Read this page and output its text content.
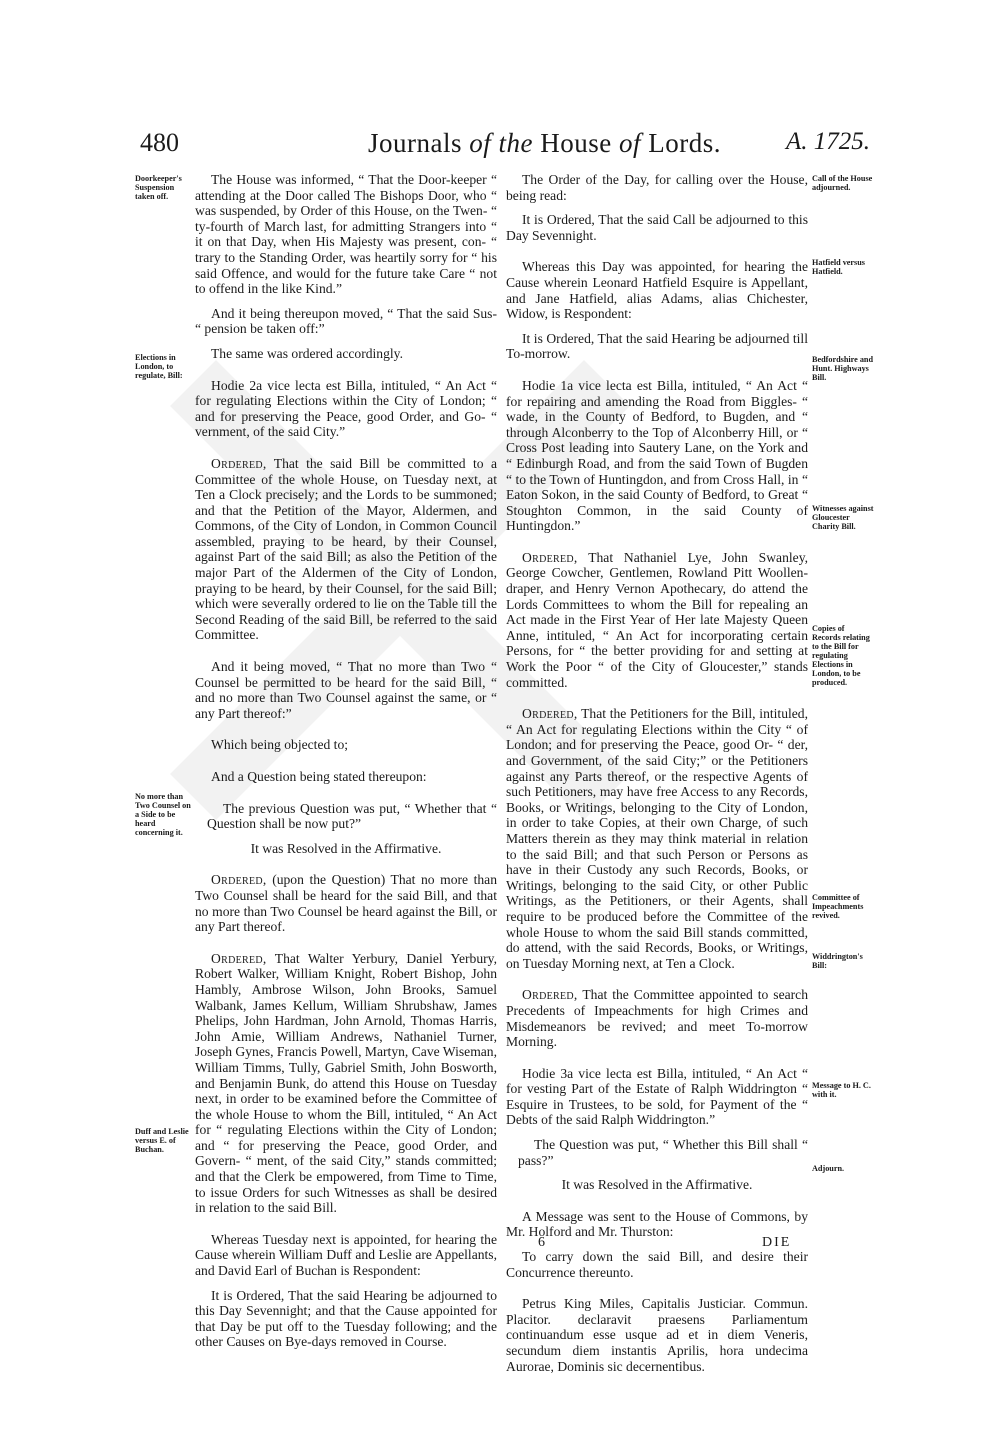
480	Journals of the House of Lords.	A. 1725.
Doorkeeper's Suspension taken off.
Elections in London, to regulate, Bill:
No more than Two Counsel on a Side to be heard concerning it.
Duff and Leslie versus E. of Buchan.
Call of the House adjourned.
Hatfield versus Hatfield.
Bedfordshire and Hunt. Highways Bill.
Witnesses against Gloucester Charity Bill.
Copies of Records relating to the Bill for regulating Elections in London, to be produced.
Committee of Impeachments revived.
Widdrington's Bill:
Message to H. C. with it.
Adjourn.

The House was informed, “ That the Door-keeper “ attending at the Door called The Bishops Door, who “ was suspended, by Order of this House, on the Twen- “ ty-fourth of March last, for admitting Strangers into “ it on that Day, when His Majesty was present, con- “ trary to the Standing Order, was heartily sorry for “ his said Offence, and would for the future take Care “ not to offend in the like Kind.”

And it being thereupon moved, “ That the said Sus- “ pension be taken off:”

The same was ordered accordingly.

Hodie 2a vice lecta est Billa, intituled, “ An Act “ for regulating Elections within the City of London; “ and for preserving the Peace, good Order, and Go- “ vernment, of the said City.”

Ordered, That the said Bill be committed to a Committee of the whole House, on Tuesday next, at Ten a Clock precisely; and the Lords to be summoned; and that the Petition of the Mayor, Aldermen, and Commons, of the City of London, in Common Council assembled, praying to be heard, by their Counsel, against Part of the said Bill; as also the Petition of the major Part of the Aldermen of the City of London, praying to be heard, by their Counsel, for the said Bill; which were severally ordered to lie on the Table till the Second Reading of the said Bill, be referred to the said Committee.

And it being moved, “ That no more than Two “ Counsel be permitted to be heard for the said Bill, “ and no more than Two Counsel against the same, or “ any Part thereof:”

Which being objected to;

And a Question being stated thereupon:

The previous Question was put, “ Whether that “ Question shall be now put?”

It was Resolved in the Affirmative.

Ordered, (upon the Question) That no more than Two Counsel shall be heard for the said Bill, and that no more than Two Counsel be heard against the Bill, or any Part thereof.

Ordered, That Walter Yerbury, Daniel Yerbury, Robert Walker, William Knight, Robert Bishop, John Hambly, Ambrose Wilson, John Brooks, Samuel Walbank, James Kellum, William Shrubshaw, James Phelips, John Hardman, John Arnold, Thomas Harris, John Amie, William Andrews, Nathaniel Turner, Joseph Gynes, Francis Powell, Martyn, Cave Wiseman, William Timms, Tully, Gabriel Smith, John Bosworth, and Benjamin Bunk, do attend this House on Tuesday next, in order to be examined before the Committee of the whole House to whom the Bill, intituled, “ An Act for “ regulating Elections within the City of London; and “ for preserving the Peace, good Order, and Govern- “ ment, of the said City,” stands committed; and that the Clerk be empowered, from Time to Time, to issue Orders for such Witnesses as shall be desired in relation to the said Bill.

Whereas Tuesday next is appointed, for hearing the Cause wherein William Duff and Leslie are Appellants, and David Earl of Buchan is Respondent:

It is Ordered, That the said Hearing be adjourned to this Day Sevennight; and that the Cause appointed for that Day be put off to the Tuesday following; and the other Causes on Bye-days removed in Course.

The Order of the Day, for calling over the House, being read:

It is Ordered, That the said Call be adjourned to this Day Sevennight.

Whereas this Day was appointed, for hearing the Cause wherein Leonard Hatfield Esquire is Appellant, and Jane Hatfield, alias Adams, alias Chichester, Widow, is Respondent:

It is Ordered, That the said Hearing be adjourned till To-morrow.

Hodie 1a vice lecta est Billa, intituled, “ An Act “ for repairing and amending the Road from Biggles- “ wade, in the County of Bedford, to Bugden, and “ through Alconberry to the Top of Alconberry Hill, or “ Cross Post leading into Sautery Lane, on the York and “ Edinburgh Road, and from the said Town of Bugden “ to the Town of Huntingdon, and from Cross Hall, in “ Eaton Sokon, in the said County of Bedford, to Great “ Stoughton Common, in the said County of Huntingdon.”

Ordered, That Nathaniel Lye, John Swanley, George Cowcher, Gentlemen, Rowland Pitt Woollen-draper, and Henry Vernon Apothecary, do attend the Lords Committees to whom the Bill for repealing an Act made in the First Year of Her late Majesty Queen Anne, intituled, “ An Act for incorporating certain Persons, for “ the better providing for and setting at Work the Poor “ of the City of Gloucester,” stands committed.

Ordered, That the Petitioners for the Bill, intituled, “ An Act for regulating Elections within the City “ of London; and for preserving the Peace, good Or- “ der, and Government, of the said City;” or the Petitioners against any Parts thereof, or the respective Agents of such Petitioners, may have free Access to any Records, Books, or Writings, belonging to the City of London, in order to take Copies, at their own Charge, of such Matters therein as they may think material in relation to the said Bill; and that such Person or Persons as have in their Custody any such Records, Books, or Writings, belonging to the said City, or other Public Writings, as the Petitioners, or their Agents, shall require to be produced before the Committee of the whole House to whom the said Bill stands committed, do attend, with the said Records, Books, or Writings, on Tuesday Morning next, at Ten a Clock.

Ordered, That the Committee appointed to search Precedents of Impeachments for high Crimes and Misdemeanors be revived; and meet To-morrow Morning.

Hodie 3a vice lecta est Billa, intituled, “ An Act “ for vesting Part of the Estate of Ralph Widdrington “ Esquire in Trustees, to be sold, for Payment of the “ Debts of the said Ralph Widdrington.”

The Question was put, “ Whether this Bill shall “ pass?”

It was Resolved in the Affirmative.

A Message was sent to the House of Commons, by Mr. Holford and Mr. Thurston:

To carry down the said Bill, and desire their Concurrence thereunto.

Petrus King Miles, Capitalis Justiciar. Commun. Placitor. declaravit praesens Parliamentum continuandum esse usque ad et in diem Veneris, secundum diem instantis Aprilis, hora undecima Aurorae, Dominis sic decernentibus.

6	DIE
